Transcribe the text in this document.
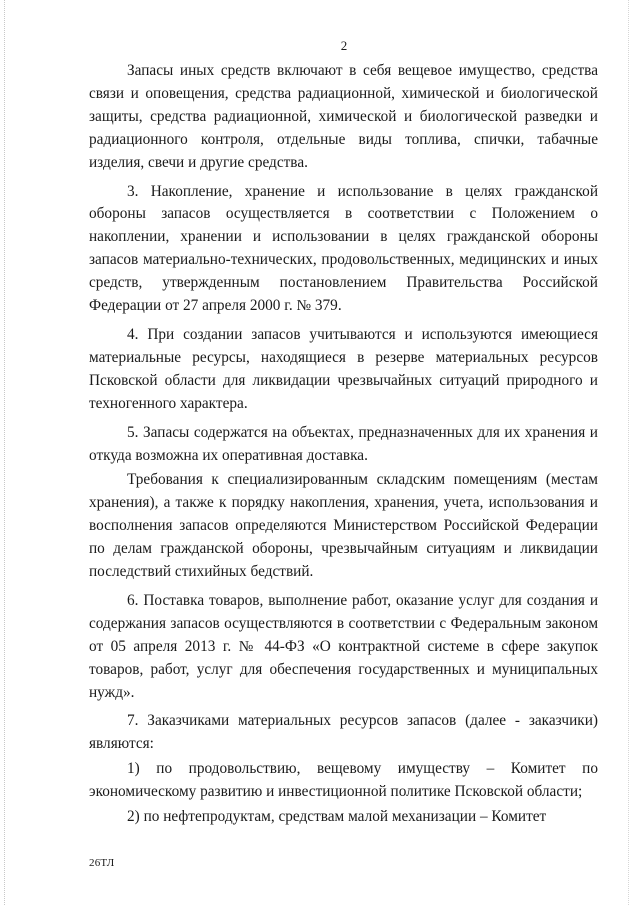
2

Запасы иных средств включают в себя вещевое имущество, средства связи и оповещения, средства радиационной, химической и биологической защиты, средства радиационной, химической и биологической разведки и радиационного контроля, отдельные виды топлива, спички, табачные изделия, свечи и другие средства.

3. Накопление, хранение и использование в целях гражданской обороны запасов осуществляется в соответствии с Положением о накоплении, хранении и использовании в целях гражданской обороны запасов материально-технических, продовольственных, медицинских и иных средств, утвержденным постановлением Правительства Российской Федерации от 27 апреля 2000 г. № 379.

4. При создании запасов учитываются и используются имеющиеся материальные ресурсы, находящиеся в резерве материальных ресурсов Псковской области для ликвидации чрезвычайных ситуаций природного и техногенного характера.

5. Запасы содержатся на объектах, предназначенных для их хранения и откуда возможна их оперативная доставка.

Требования к специализированным складским помещениям (местам хранения), а также к порядку накопления, хранения, учета, использования и восполнения запасов определяются Министерством Российской Федерации по делам гражданской обороны, чрезвычайным ситуациям и ликвидации последствий стихийных бедствий.

6. Поставка товаров, выполнение работ, оказание услуг для создания и содержания запасов осуществляются в соответствии с Федеральным законом от 05 апреля 2013 г. № 44-ФЗ «О контрактной системе в сфере закупок товаров, работ, услуг для обеспечения государственных и муниципальных нужд».

7. Заказчиками материальных ресурсов запасов (далее - заказчики) являются:

1) по продовольствию, вещевому имуществу – Комитет по экономическому развитию и инвестиционной политике Псковской области;

2) по нефтепродуктам, средствам малой механизации – Комитет

26ТЛ
